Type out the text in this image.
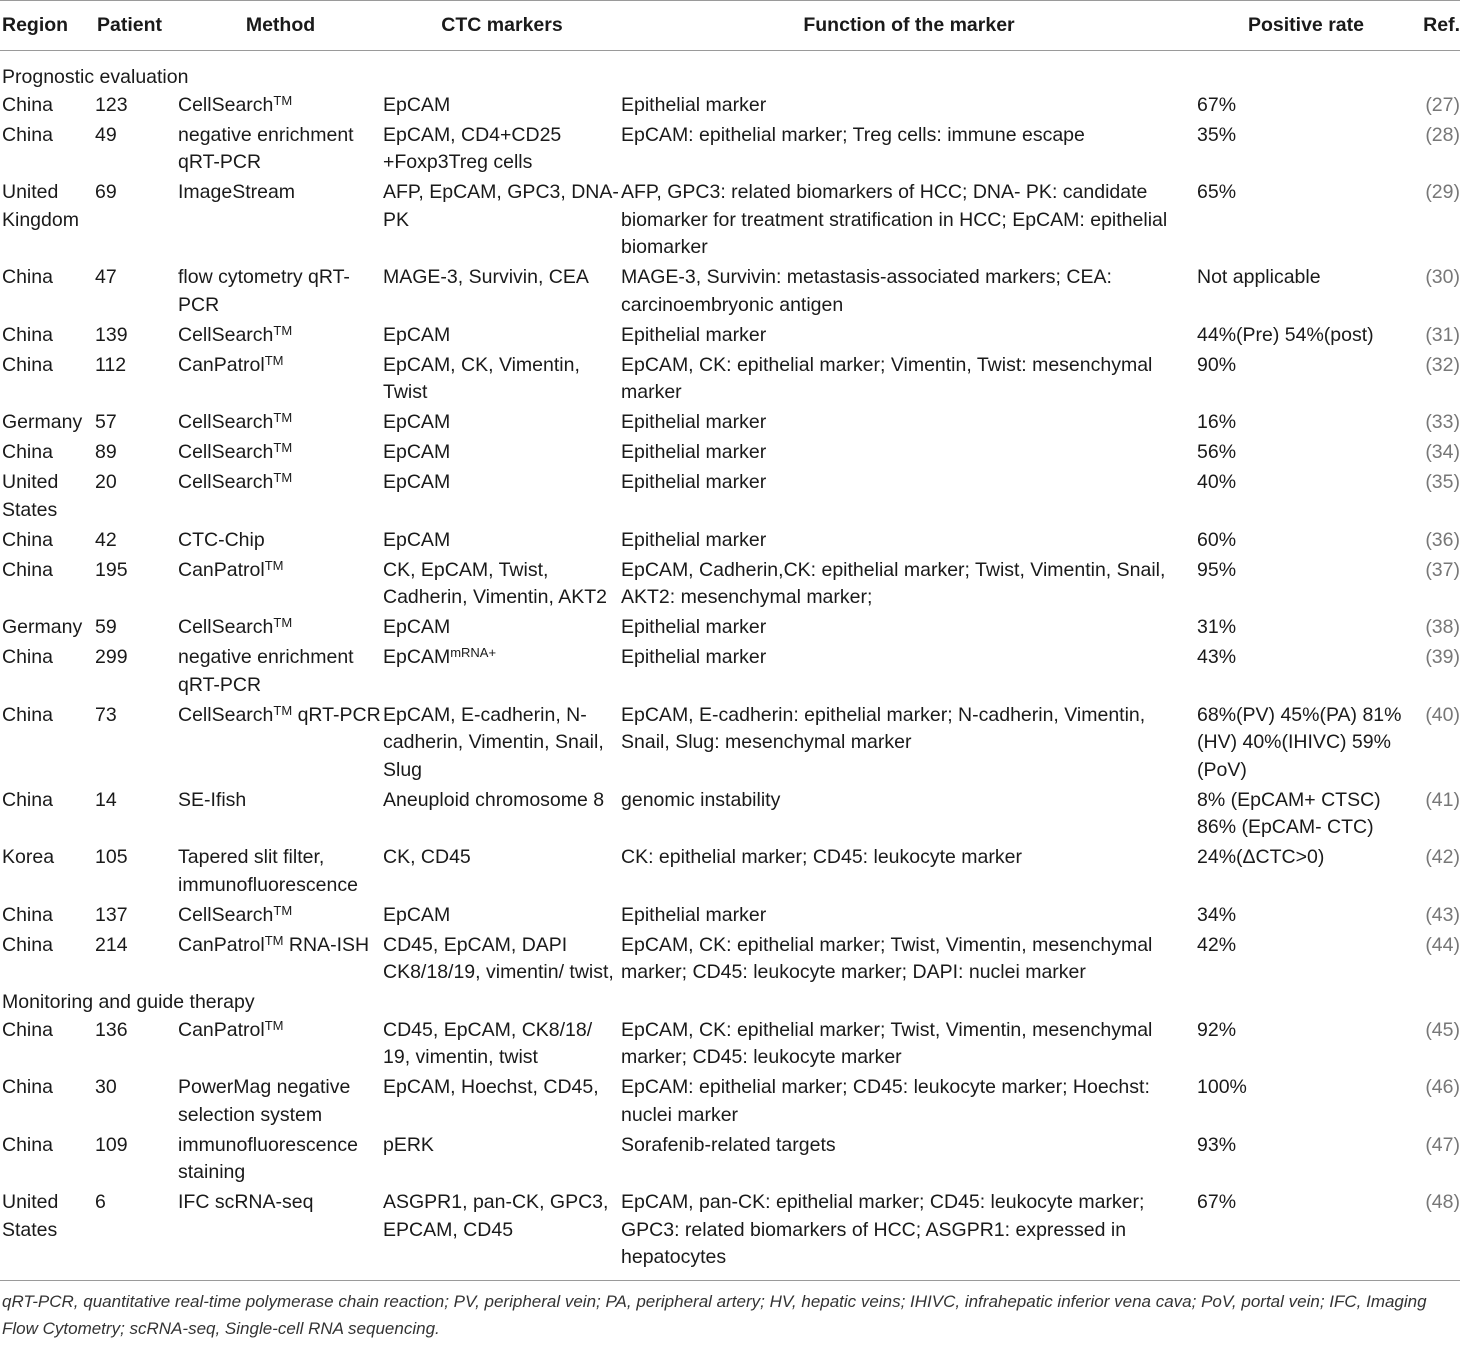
Region	Patient	Method	CTC markers	Function of the marker	Positive rate	Ref.
Prognostic evaluation						
China	123	CellSearch™	EpCAM	Epithelial marker	67%	(27)
China	49	negative enrichment qRT-PCR	EpCAM, CD4+CD25 +Foxp3Treg cells	EpCAM: epithelial marker; Treg cells: immune escape	35%	(28)
United Kingdom	69	ImageStream	AFP, EpCAM, GPC3, DNA- PK	AFP, GPC3: related biomarkers of HCC; DNA- PK: candidate biomarker for treatment stratification in HCC; EpCAM: epithelial biomarker	65%	(29)
China	47	flow cytometry qRT-PCR	MAGE-3, Survivin, CEA	MAGE-3, Survivin: metastasis-associated markers; CEA: carcinoembryonic antigen	Not applicable	(30)
China	139	CellSearch™	EpCAM	Epithelial marker	44%(Pre) 54%(post)	(31)
China	112	CanPatrol™	EpCAM, CK, Vimentin, Twist	EpCAM, CK: epithelial marker; Vimentin, Twist: mesenchymal marker	90%	(32)
Germany	57	CellSearch™	EpCAM	Epithelial marker	16%	(33)
China	89	CellSearch™	EpCAM	Epithelial marker	56%	(34)
United States	20	CellSearch™	EpCAM	Epithelial marker	40%	(35)
China	42	CTC-Chip	EpCAM	Epithelial marker	60%	(36)
China	195	CanPatrol™	CK, EpCAM, Twist, Cadherin, Vimentin, AKT2	EpCAM, Cadherin,CK: epithelial marker; Twist, Vimentin, Snail, AKT2: mesenchymal marker;	95%	(37)
Germany	59	CellSearch™	EpCAM	Epithelial marker	31%	(38)
China	299	negative enrichment qRT-PCR	EpCAM$^{mRNA+}$	Epithelial marker	43%	(39)
China	73	CellSearch™ qRT-PCR	EpCAM, E-cadherin, N-cadherin, Vimentin, Snail, Slug	EpCAM, E-cadherin: epithelial marker; N-cadherin, Vimentin, Snail, Slug: mesenchymal marker	68%(PV) 45%(PA) 81%(HV) 40%(IHIVC) 59%(PoV)	(40)
China	14	SE-Ifish	Aneuploid chromosome 8	genomic instability	8% (EpCAM+ CTSC) 86% (EpCAM- CTC)	(41)
Korea	105	Tapered slit filter, immunofluorescence	CK, CD45	CK: epithelial marker; CD45: leukocyte marker	24%(ΔCTC>0)	(42)
China	137	CellSearch™	EpCAM	Epithelial marker	34%	(43)
China	214	CanPatrol™ RNA-ISH	CD45, EpCAM, DAPI CK8/18/19, vimentin/ twist,	EpCAM, CK: epithelial marker; Twist, Vimentin, mesenchymal marker; CD45: leukocyte marker; DAPI: nuclei marker	42%	(44)
Monitoring and guide therapy						
China	136	CanPatrol™	CD45, EpCAM, CK8/18/ 19, vimentin, twist	EpCAM, CK: epithelial marker; Twist, Vimentin, mesenchymal marker; CD45: leukocyte marker	92%	(45)
China	30	PowerMag negative selection system	EpCAM, Hoechst, CD45,	EpCAM: epithelial marker; CD45: leukocyte marker; Hoechst: nuclei marker	100%	(46)
China	109	immunofluorescence staining	pERK	Sorafenib-related targets	93%	(47)
United States	6	IFC scRNA-seq	ASGPR1, pan-CK, GPC3, EPCAM, CD45	EpCAM, pan-CK: epithelial marker; CD45: leukocyte marker; GPC3: related biomarkers of HCC; ASGPR1: expressed in hepatocytes	67%	(48)
qRT-PCR, quantitative real-time polymerase chain reaction; PV, peripheral vein; PA, peripheral artery; HV, hepatic veins; IHIVC, infrahepatic inferior vena cava; PoV, portal vein; IFC, Imaging Flow Cytometry; scRNA-seq, Single-cell RNA sequencing.
